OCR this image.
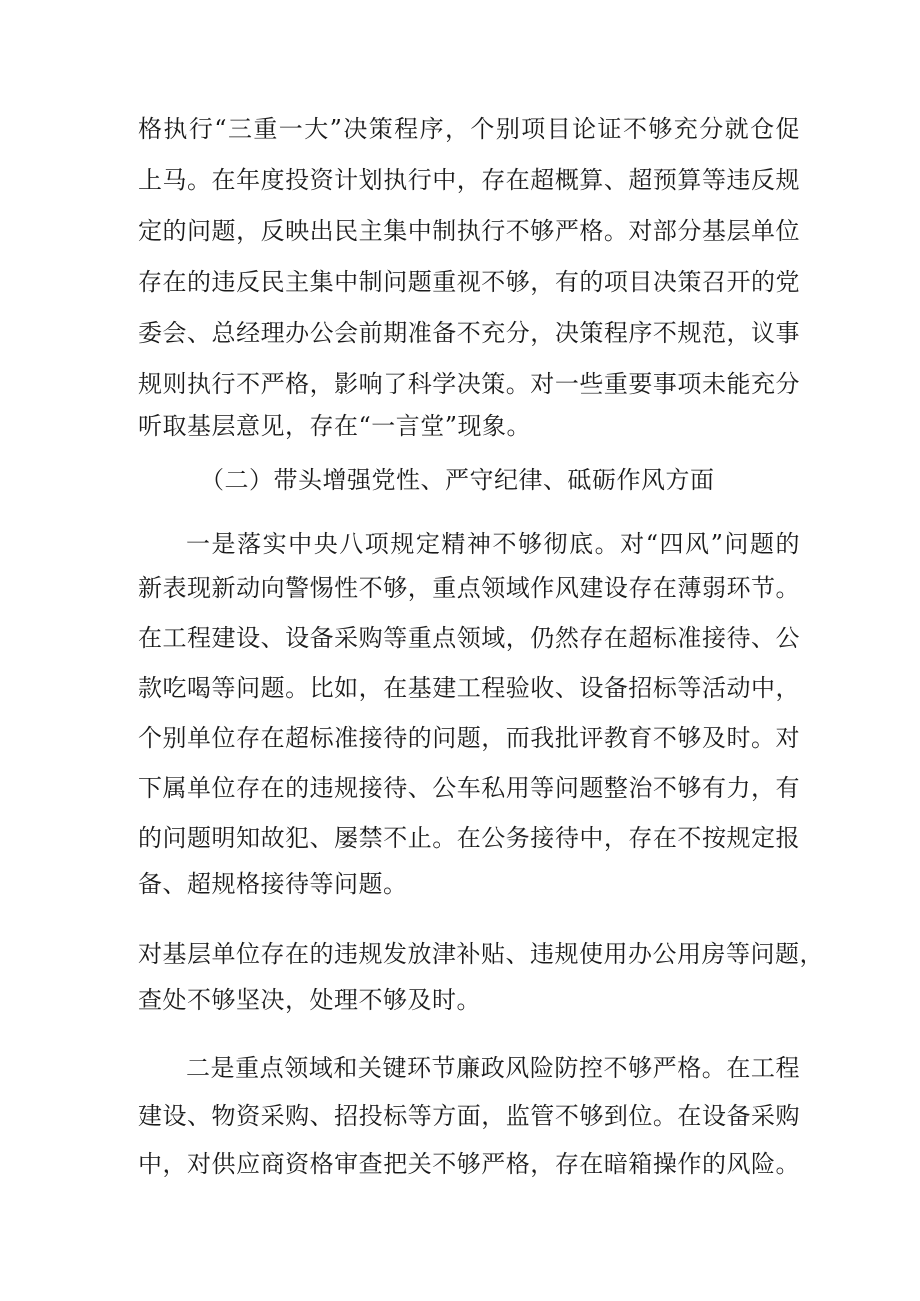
格执行“三重一大”决策程序，个别项目论证不够充分就仓促
上马。在年度投资计划执行中，存在超概算、超预算等违反规
定的问题，反映出民主集中制执行不够严格。对部分基层单位
存在的违反民主集中制问题重视不够，有的项目决策召开的党
委会、总经理办公会前期准备不充分，决策程序不规范，议事
规则执行不严格，影响了科学决策。对一些重要事项未能充分
听取基层意见，存在“一言堂”现象。
（二）带头增强党性、严守纪律、砥砺作风方面
一是落实中央八项规定精神不够彻底。对“四风”问题的
新表现新动向警惕性不够，重点领域作风建设存在薄弱环节。
在工程建设、设备采购等重点领域，仍然存在超标准接待、公
款吃喝等问题。比如，在基建工程验收、设备招标等活动中，
个别单位存在超标准接待的问题，而我批评教育不够及时。对
下属单位存在的违规接待、公车私用等问题整治不够有力，有
的问题明知故犯、屡禁不止。在公务接待中，存在不按规定报
备、超规格接待等问题。
对基层单位存在的违规发放津补贴、违规使用办公用房等问题，
查处不够坚决，处理不够及时。
二是重点领域和关键环节廉政风险防控不够严格。在工程
建设、物资采购、招投标等方面，监管不够到位。在设备采购
中，对供应商资格审查把关不够严格，存在暗箱操作的风险。
